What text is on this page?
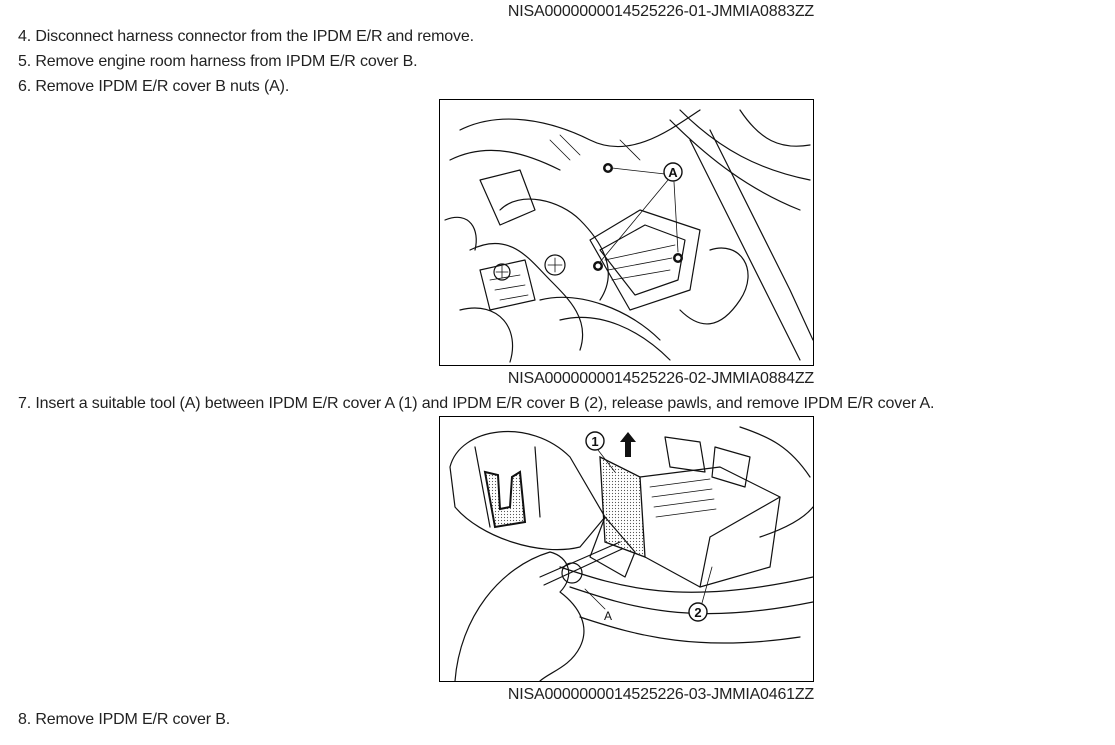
NISA0000000014525226-01-JMMIA0883ZZ
4. Disconnect harness connector from the IPDM E/R and remove.
5. Remove engine room harness from IPDM E/R cover B.
6. Remove IPDM E/R cover B nuts (A).
A
NISA0000000014525226-02-JMMIA0884ZZ
7. Insert a suitable tool (A) between IPDM E/R cover A (1) and IPDM E/R cover B (2), release pawls, and remove IPDM E/R cover A.
1
2
A
NISA0000000014525226-03-JMMIA0461ZZ
8. Remove IPDM E/R cover B.
